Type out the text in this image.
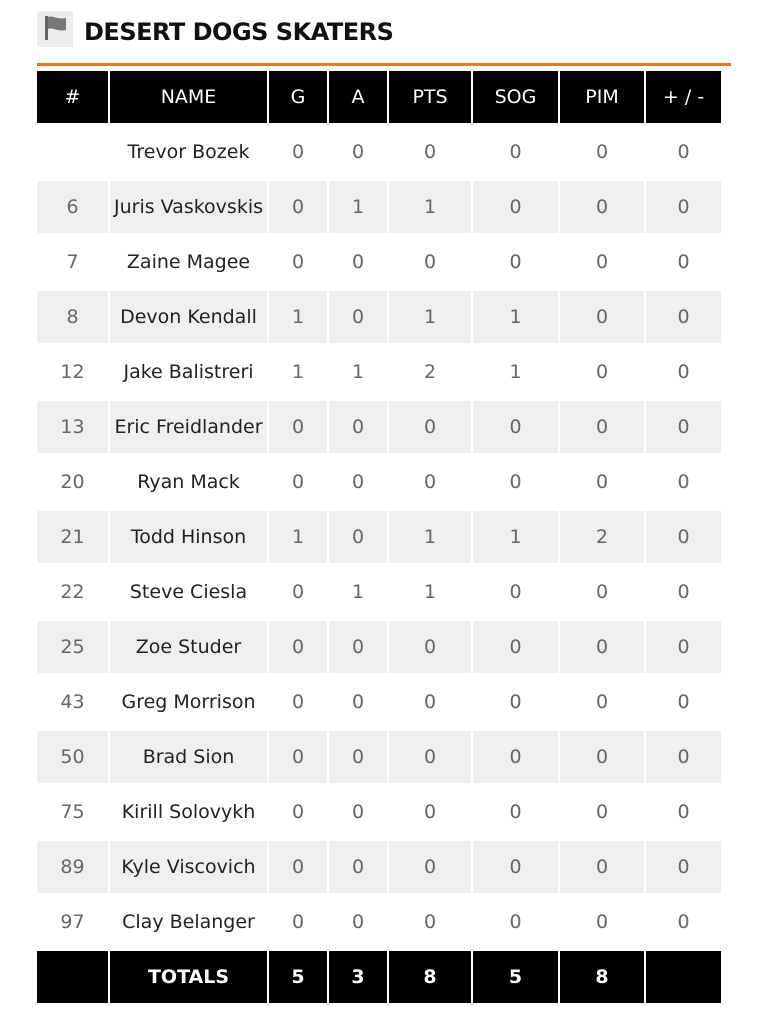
DESERT DOGS SKATERS
#	NAME	G	A	PTS	SOG	PIM	+ / -
	Trevor Bozek	0	0	0	0	0	0
6	Juris Vaskovskis	0	1	1	0	0	0
7	Zaine Magee	0	0	0	0	0	0
8	Devon Kendall	1	0	1	1	0	0
12	Jake Balistreri	1	1	2	1	0	0
13	Eric Freidlander	0	0	0	0	0	0
20	Ryan Mack	0	0	0	0	0	0
21	Todd Hinson	1	0	1	1	2	0
22	Steve Ciesla	0	1	1	0	0	0
25	Zoe Studer	0	0	0	0	0	0
43	Greg Morrison	0	0	0	0	0	0
50	Brad Sion	0	0	0	0	0	0
75	Kirill Solovykh	0	0	0	0	0	0
89	Kyle Viscovich	0	0	0	0	0	0
97	Clay Belanger	0	0	0	0	0	0
	TOTALS	5	3	8	5	8	
